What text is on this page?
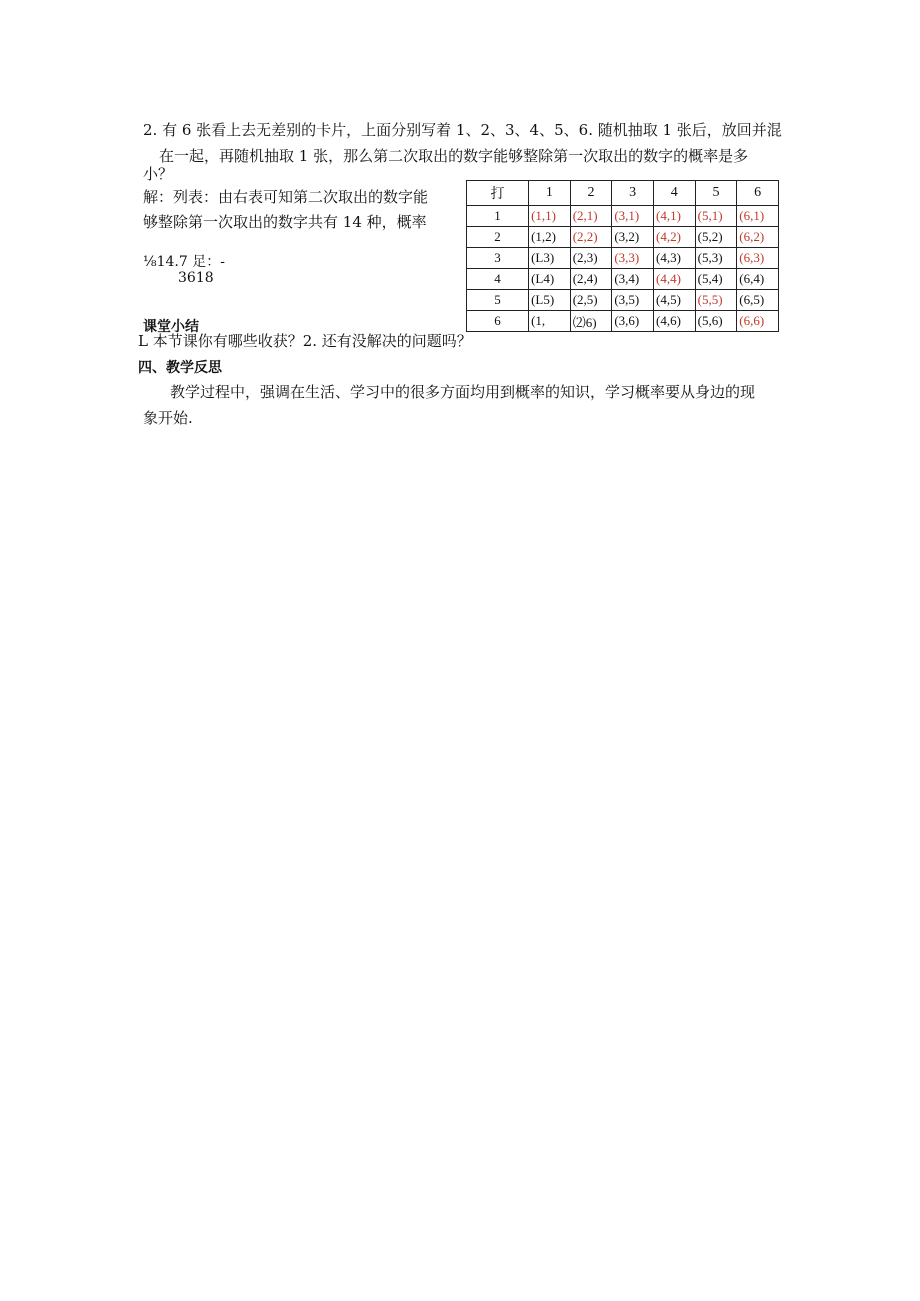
2. 有 6 张看上去无差别的卡片，上面分别写着 1、2、3、4、5、6. 随机抽取 1 张后，放回并混
在一起，再随机抽取 1 张，那么第二次取出的数字能够整除第一次取出的数字的概率是多
小？
解：列表：由右表可知第二次取出的数字能
够整除第一次取出的数字共有 14 种，概率
⅛14.7 足：-
3618
打	1	2	3	4	5	6
1	(1,1)	(2,1)	(3,1)	(4,1)	(5,1)	(6,1)
2	(1,2)	(2,2)	(3,2)	(4,2)	(5,2)	(6,2)
3	(L3)	(2,3)	(3,3)	(4,3)	(5,3)	(6,3)
4	(L4)	(2,4)	(3,4)	(4,4)	(5,4)	(6,4)
5	(L5)	(2,5)	(3,5)	(4,5)	(5,5)	(6,5)
6	(1,	⑵6)	(3,6)	(4,6)	(5,6)	(6,6)
课堂小结
L 本节课你有哪些收获？2. 还有没解决的问题吗？
四、教学反思
教学过程中，强调在生活、学习中的很多方面均用到概率的知识，学习概率要从身边的现
象开始.
